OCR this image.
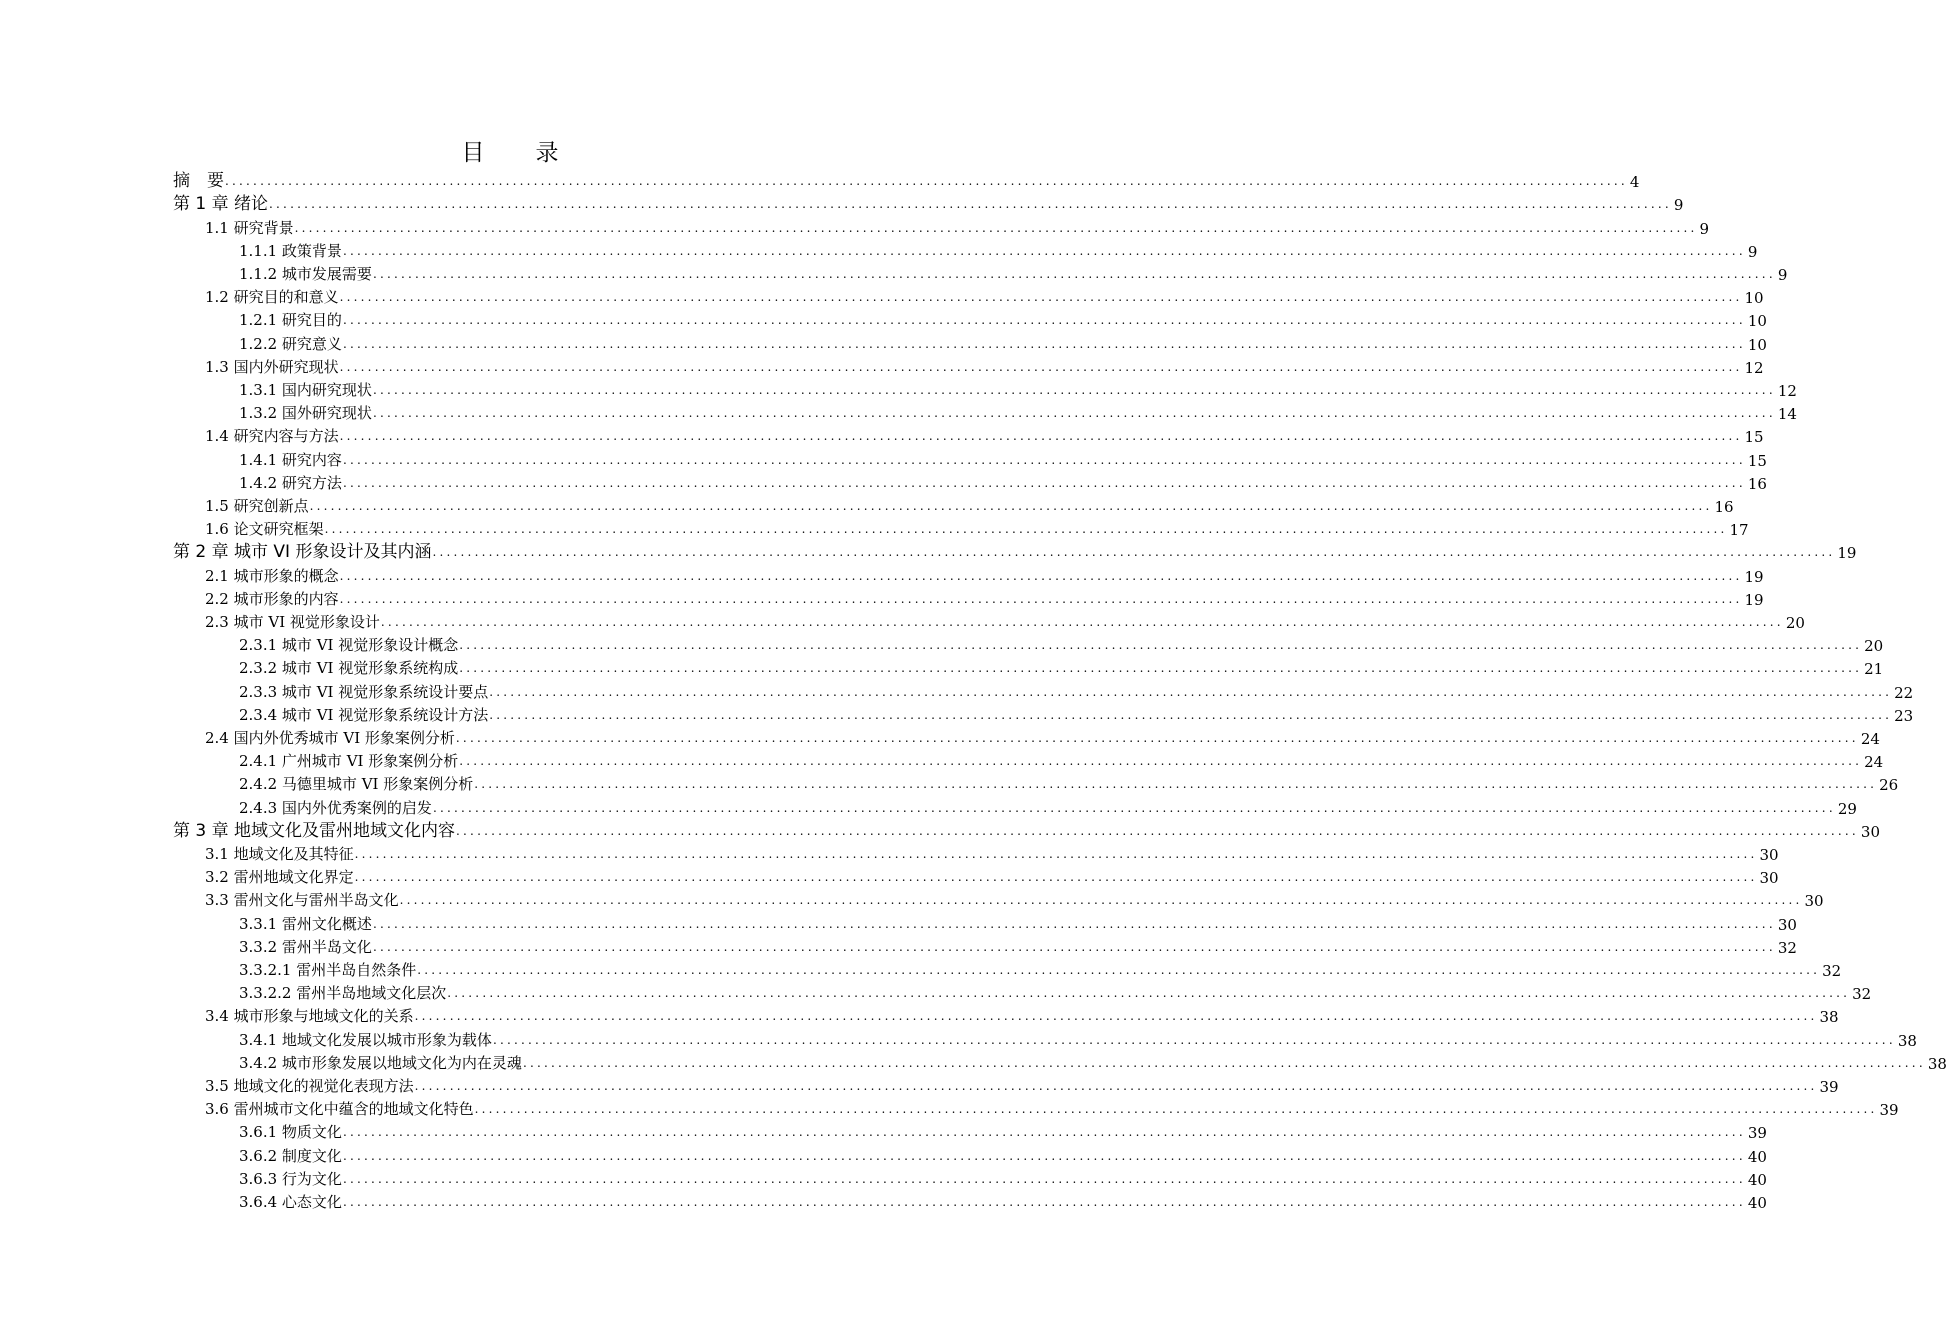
目　录
摘　要 ........................................................................................................................................................................................................ 4
第 1 章 绪论 ........................................................................................................................................................................................................ 9
1.1 研究背景 ........................................................................................................................................................................................................ 9
1.1.1 政策背景 ........................................................................................................................................................................................................ 9
1.1.2 城市发展需要 ........................................................................................................................................................................................................ 9
1.2 研究目的和意义 ........................................................................................................................................................................................................ 10
1.2.1 研究目的 ........................................................................................................................................................................................................ 10
1.2.2 研究意义 ........................................................................................................................................................................................................ 10
1.3 国内外研究现状 ........................................................................................................................................................................................................ 12
1.3.1 国内研究现状 ........................................................................................................................................................................................................ 12
1.3.2 国外研究现状 ........................................................................................................................................................................................................ 14
1.4 研究内容与方法 ........................................................................................................................................................................................................ 15
1.4.1 研究内容 ........................................................................................................................................................................................................ 15
1.4.2 研究方法 ........................................................................................................................................................................................................ 16
1.5 研究创新点 ........................................................................................................................................................................................................ 16
1.6 论文研究框架 ........................................................................................................................................................................................................ 17
第 2 章 城市 VI 形象设计及其内涵 ........................................................................................................................................................................................................ 19
2.1 城市形象的概念 ........................................................................................................................................................................................................ 19
2.2 城市形象的内容 ........................................................................................................................................................................................................ 19
2.3 城市 VI 视觉形象设计 ........................................................................................................................................................................................................ 20
2.3.1 城市 VI 视觉形象设计概念 ........................................................................................................................................................................................................ 20
2.3.2 城市 VI 视觉形象系统构成 ........................................................................................................................................................................................................ 21
2.3.3 城市 VI 视觉形象系统设计要点 ........................................................................................................................................................................................................ 22
2.3.4 城市 VI 视觉形象系统设计方法 ........................................................................................................................................................................................................ 23
2.4 国内外优秀城市 VI 形象案例分析 ........................................................................................................................................................................................................ 24
2.4.1 广州城市 VI 形象案例分析 ........................................................................................................................................................................................................ 24
2.4.2 马德里城市 VI 形象案例分析 ........................................................................................................................................................................................................ 26
2.4.3 国内外优秀案例的启发 ........................................................................................................................................................................................................ 29
第 3 章 地域文化及雷州地域文化内容 ........................................................................................................................................................................................................ 30
3.1 地域文化及其特征 ........................................................................................................................................................................................................ 30
3.2 雷州地域文化界定 ........................................................................................................................................................................................................ 30
3.3 雷州文化与雷州半岛文化 ........................................................................................................................................................................................................ 30
3.3.1 雷州文化概述 ........................................................................................................................................................................................................ 30
3.3.2 雷州半岛文化 ........................................................................................................................................................................................................ 32
3.3.2.1 雷州半岛自然条件 ........................................................................................................................................................................................................ 32
3.3.2.2 雷州半岛地域文化层次 ........................................................................................................................................................................................................ 32
3.4 城市形象与地域文化的关系 ........................................................................................................................................................................................................ 38
3.4.1 地域文化发展以城市形象为载体 ........................................................................................................................................................................................................ 38
3.4.2 城市形象发展以地域文化为内在灵魂 ........................................................................................................................................................................................................ 38
3.5 地域文化的视觉化表现方法 ........................................................................................................................................................................................................ 39
3.6 雷州城市文化中蕴含的地域文化特色 ........................................................................................................................................................................................................ 39
3.6.1 物质文化 ........................................................................................................................................................................................................ 39
3.6.2 制度文化 ........................................................................................................................................................................................................ 40
3.6.3 行为文化 ........................................................................................................................................................................................................ 40
3.6.4 心态文化 ........................................................................................................................................................................................................ 40
